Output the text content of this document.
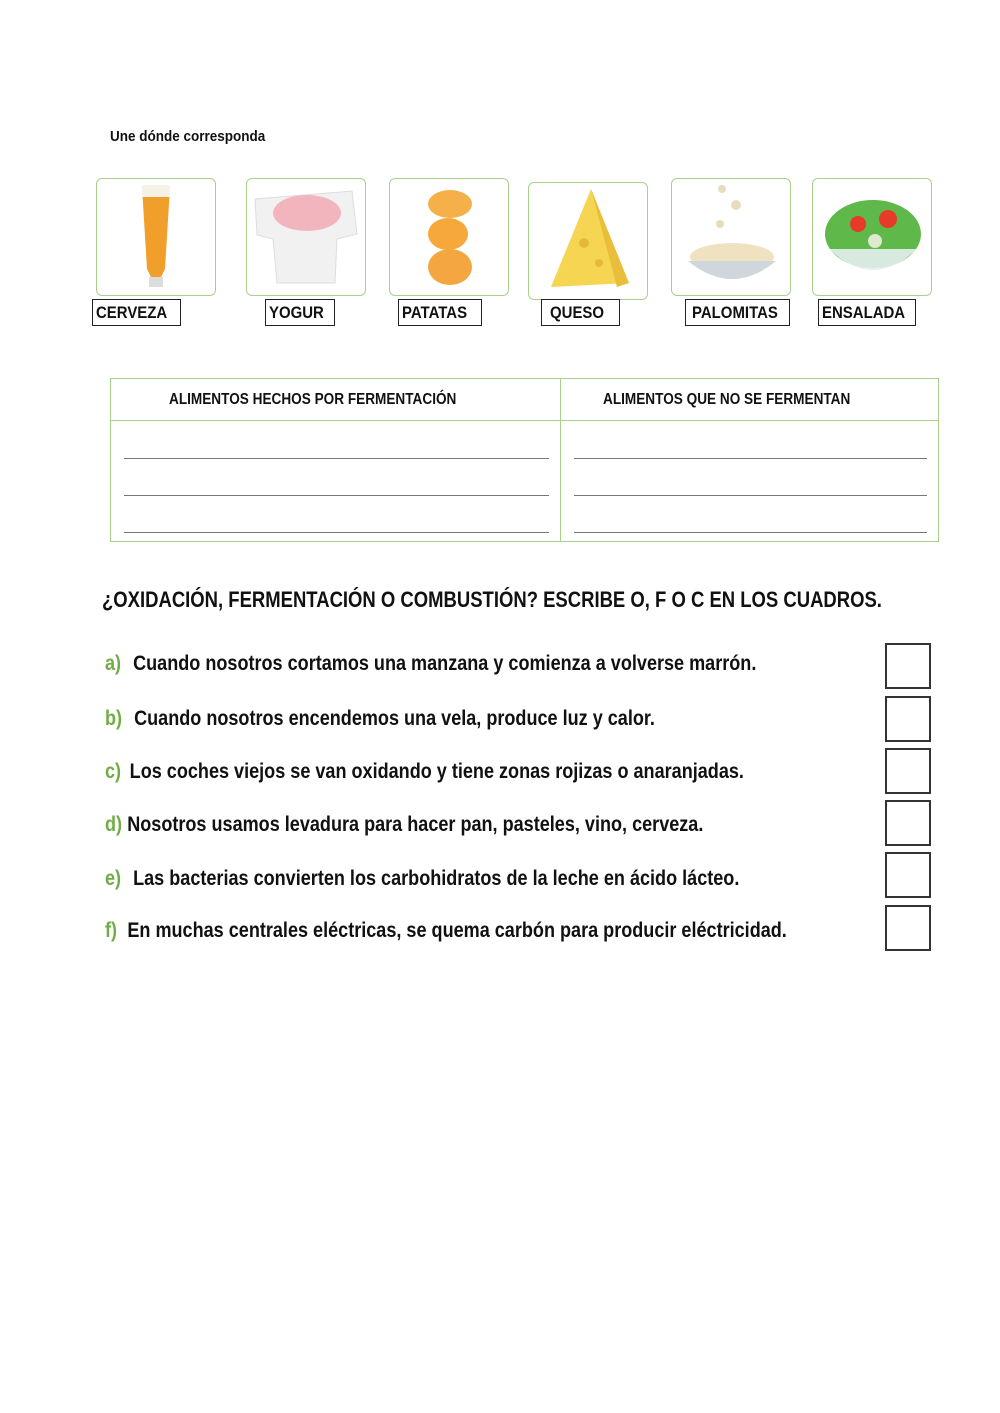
Une dónde corresponda
CERVEZA	YOGUR	PATATAS	QUESO	PALOMITAS	ENSALADA
ALIMENTOS HECHOS POR FERMENTACIÓN	ALIMENTOS QUE NO SE FERMENTAN

¿OXIDACIÓN, FERMENTACIÓN O COMBUSTIÓN? ESCRIBE O, F O C EN LOS CUADROS.
a) Cuando nosotros cortamos una manzana y comienza a volverse marrón.
b) Cuando nosotros encendemos una vela, produce luz y calor.
c) Los coches viejos se van oxidando y tiene zonas rojizas o anaranjadas.
d) Nosotros usamos levadura para hacer pan, pasteles, vino, cerveza.
e) Las bacterias convierten los carbohidratos de la leche en ácido lácteo.
f) En muchas centrales eléctricas, se quema carbón para producir eléctricidad.
